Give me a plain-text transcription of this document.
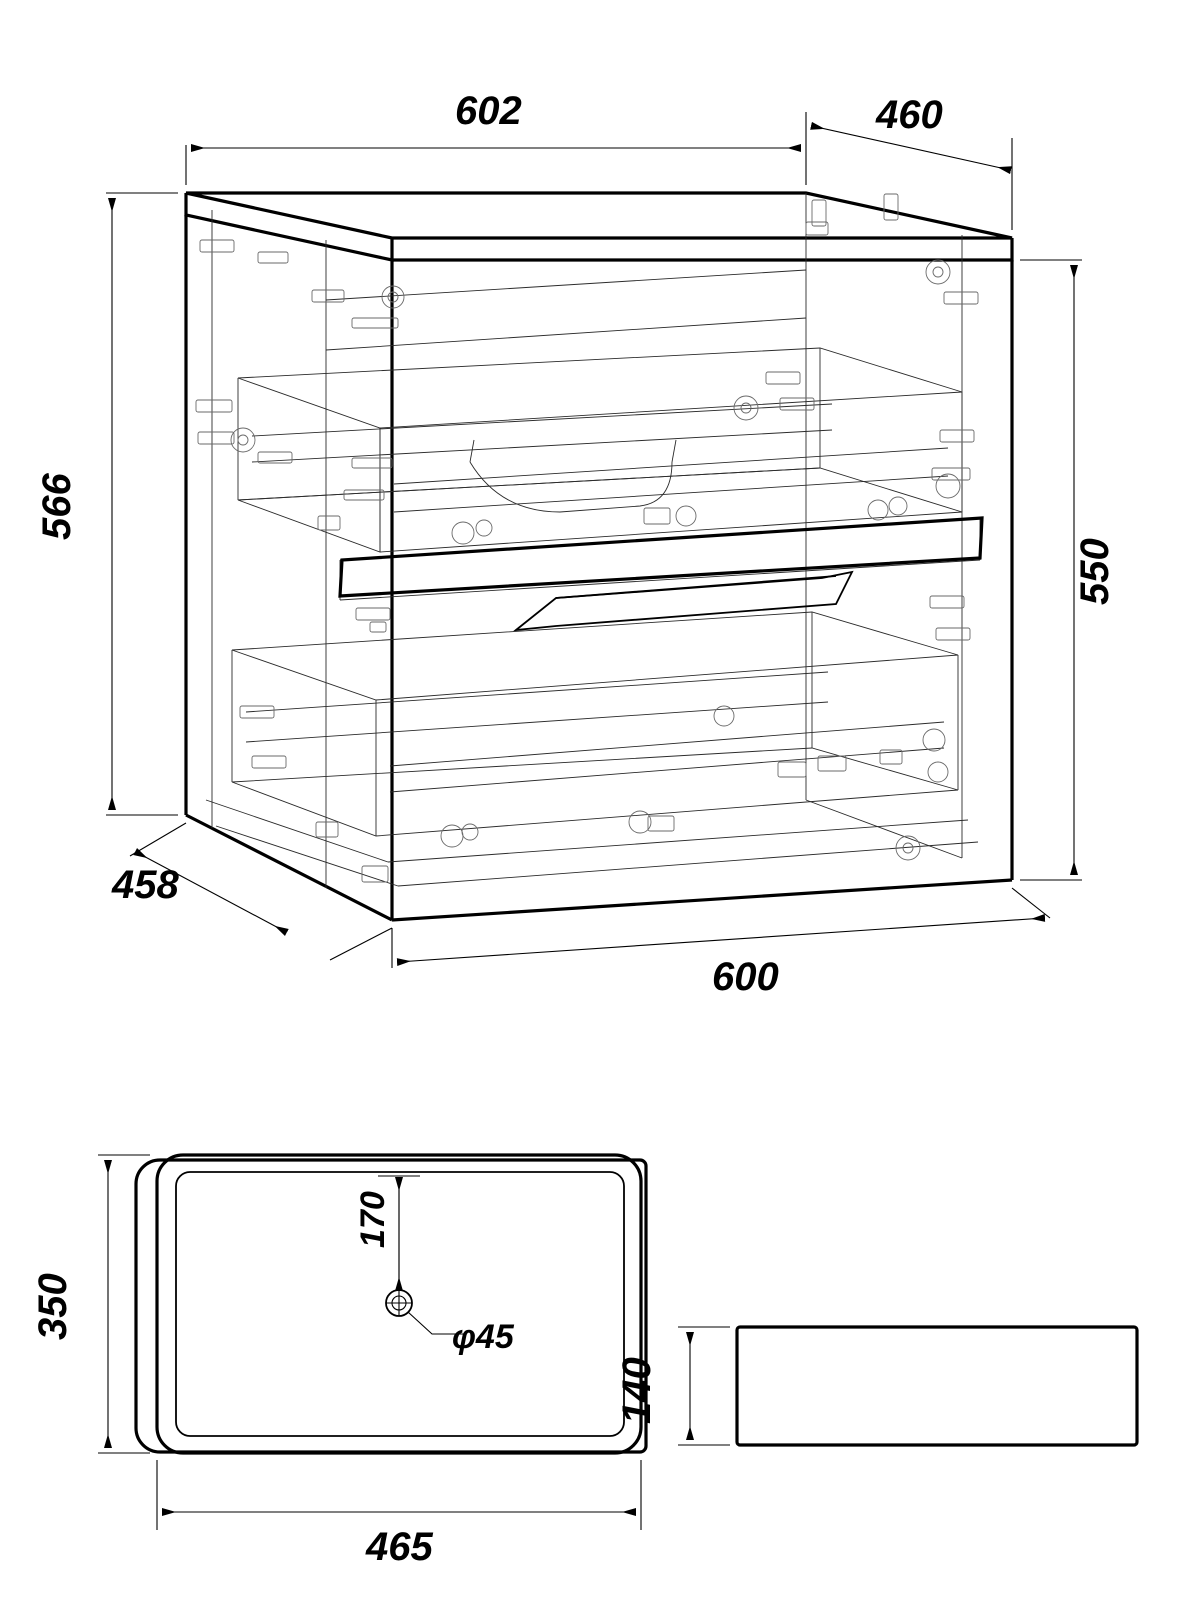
602	460
566
550
458
600
170
φ45
350
465
140
